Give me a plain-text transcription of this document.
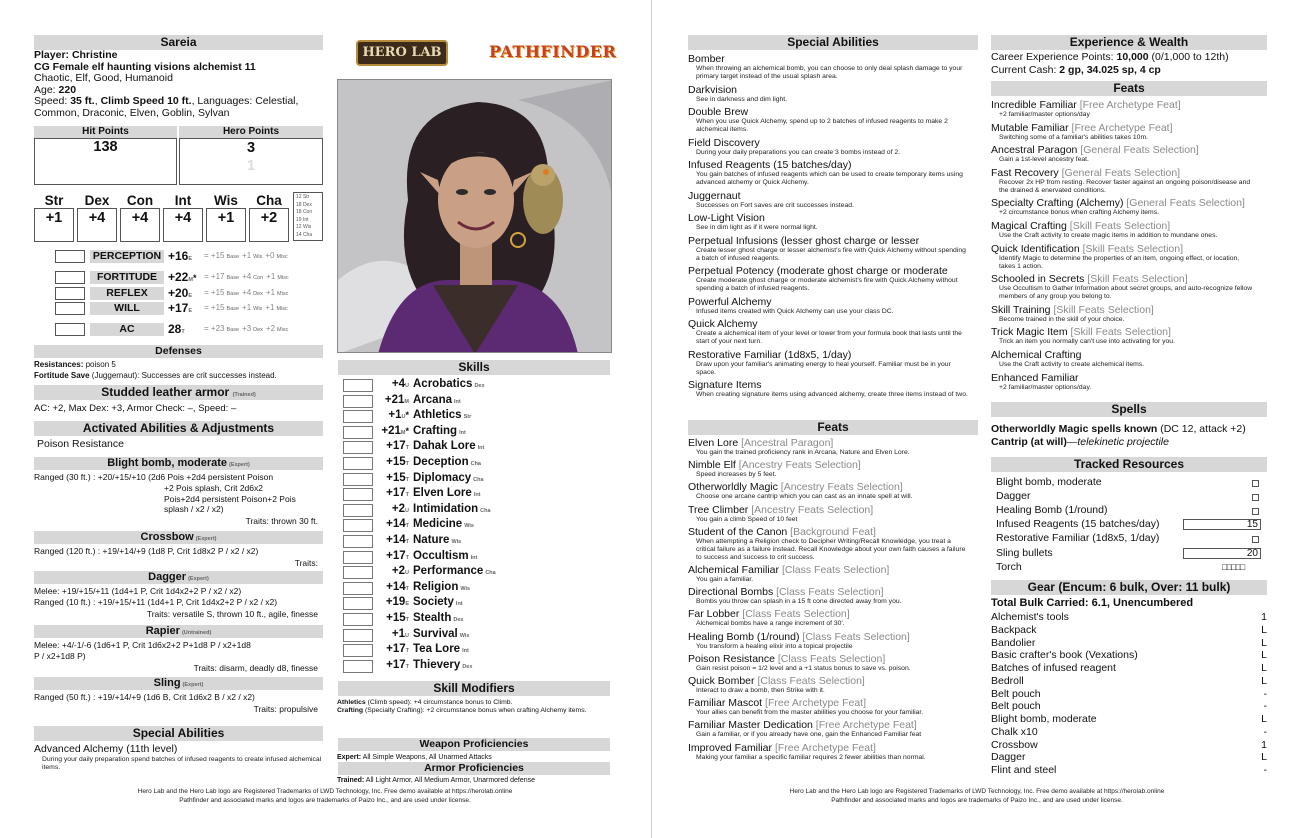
Sareia
Player: Christine
CG Female elf haunting visions alchemist 11
Chaotic, Elf, Good, Humanoid
Age: 220
Speed: 35 ft., Climb Speed 10 ft., Languages: Celestial,
Common, Draconic, Elven, Goblin, Sylvan
HERO LAB	PATHFINDER
Hit Points
138
Hero Points
3
1
Str
+1
Dex
+4
Con
+4
Int
+4
Wis
+1
Cha
+2
12 Str
18 Dex
18 Con
19 Int
12 Wis
14 Cha
PERCEPTION +16E = +15 Base +1 Wis +0 Misc
FORTITUDE +22M* = +17 Base +4 Con +1 Misc
REFLEX	+20E = +15 Base +4 Dex +1 Misc
WILL	+17E = +15 Base +1 Wis +1 Misc
AC	28T = +23 Base +3 Dex +2 Misc
Defenses
Resistances: poison 5
Fortitude Save (Juggernaut): Successes are crit successes instead.
Studded leather armor (Trained)
AC: +2, Max Dex: +3, Armor Check: –, Speed: –
Activated Abilities & Adjustments
Poison Resistance
Blight bomb, moderate (Expert)
Ranged (30 ft.) : +20/+15/+10 (2d6 Pois +2d4 persistent Poison
+2 Pois splash, Crit 2d6x2
Pois+2d4 persistent Poison+2 Pois
splash / x2 / x2)
Traits: thrown 30 ft.
Crossbow (Expert)
Ranged (120 ft.) : +19/+14/+9 (1d8 P, Crit 1d8x2 P / x2 / x2)
Traits:
Dagger (Expert)
Melee: +19/+15/+11 (1d4+1 P, Crit 1d4x2+2 P / x2 / x2)
Ranged (10 ft.) : +19/+15/+11 (1d4+1 P, Crit 1d4x2+2 P / x2 / x2)
Traits: versatile S, thrown 10 ft., agile, finesse
Rapier (Untrained)
Melee: +4/-1/-6 (1d6+1 P, Crit 1d6x2+2 P+1d8 P / x2+1d8
P / x2+1d8 P)
Traits: disarm, deadly d8, finesse
Sling (Expert)
Ranged (50 ft.) : +19/+14/+9 (1d6 B, Crit 1d6x2 B / x2 / x2)
Traits: propulsive
Special Abilities
Advanced Alchemy (11th level)
During your daily preparation spend batches of infused reagents to create infused alchemical items.
Skills
+4U Acrobatics Dex
+21M Arcana Int
+1U* Athletics Str
+21M* Crafting Int
+17T Dahak Lore Int
+15T Deception Cha
+15T Diplomacy Cha
+17T Elven Lore Int
+2U Intimidation Cha
+14T Medicine Wis
+14T Nature Wis
+17T Occultism Int
+2U Performance Cha
+14T Religion Wis
+19E Society Int
+15T Stealth Dex
+1U Survival Wis
+17T Tea Lore Int
+17T Thievery Dex
Skill Modifiers
Athletics (Climb speed): +4 circumstance bonus to Climb.
Crafting (Specialty Crafting): +2 circumstance bonus when crafting Alchemy items.
Weapon Proficiencies
Expert: All Simple Weapons, All Unarmed Attacks
Armor Proficiencies
Trained: All Light Armor, All Medium Armor, Unarmored defense
Hero Lab and the Hero Lab logo are Registered Trademarks of LWD Technology, Inc. Free demo available at https://herolab.online
Pathfinder and associated marks and logos are trademarks of Paizo Inc., and are used under license.
Hero Lab and the Hero Lab logo are Registered Trademarks of LWD Technology, Inc. Free demo available at https://herolab.online
Pathfinder and associated marks and logos are trademarks of Paizo Inc., and are used under license.
Special Abilities
Bomber
When throwing an alchemical bomb, you can choose to only deal splash damage to your primary target instead of the usual splash area.
Darkvision
See in darkness and dim light.
Double Brew
When you use Quick Alchemy, spend up to 2 batches of infused reagents to make 2 alchemical items.
Field Discovery
During your daily preparations you can create 3 bombs instead of 2.
Infused Reagents (15 batches/day)
You gain batches of infused reagents which can be used to create temporary items using advanced alchemy or Quick Alchemy.
Juggernaut
Successes on Fort saves are crit successes instead.
Low-Light Vision
See in dim light as if it were normal light.
Perpetual Infusions (lesser ghost charge or lesser
Create lesser ghost charge or lesser alchemist's fire with Quick Alchemy without spending a batch of infused reagents.
Perpetual Potency (moderate ghost charge or moderate
Create moderate ghost charge or moderate alchemist's fire with Quick Alchemy without spending a batch of infused reagents.
Powerful Alchemy
Infused items created with Quick Alchemy can use your class DC.
Quick Alchemy
Create a alchemical item of your level or lower from your formula book that lasts until the start of your next turn.
Restorative Familiar (1d8x5, 1/day)
Draw upon your familiar's animating energy to heal yourself. Familiar must be in your space.
Signature Items
When creating signature items using advanced alchemy, create three items instead of two.
Feats
Elven Lore [Ancestral Paragon]
You gain the trained proficiency rank in Arcana, Nature and Elven Lore.
Nimble Elf [Ancestry Feats Selection]
Speed increases by 5 feet.
Otherworldly Magic [Ancestry Feats Selection]
Choose one arcane cantrip which you can cast as an innate spell at will.
Tree Climber [Ancestry Feats Selection]
You gain a climb Speed of 10 feet
Student of the Canon [Background Feat]
When attempting a Religion check to Decipher Writing/Recall Knowledge, you treat a critical failure as a failure instead. Recall Knowledge about your own faith causes a failure to success and success to crit success.
Alchemical Familiar [Class Feats Selection]
You gain a familiar.
Directional Bombs [Class Feats Selection]
Bombs you throw can splash in a 15 ft cone directed away from you.
Far Lobber [Class Feats Selection]
Alchemical bombs have a range increment of 30'.
Healing Bomb (1/round) [Class Feats Selection]
You transform a healing elixir into a topical projectile
Poison Resistance [Class Feats Selection]
Gain resist poison = 1/2 level and a +1 status bonus to save vs. poison.
Quick Bomber [Class Feats Selection]
Interact to draw a bomb, then Strike with it.
Familiar Mascot [Free Archetype Feat]
Your allies can benefit from the master abilities you choose for your familiar.
Familiar Master Dedication [Free Archetype Feat]
Gain a familiar, or if you already have one, gain the Enhanced Familiar feat
Improved Familiar [Free Archetype Feat]
Making your familiar a specific familiar requires 2 fewer abilities than normal.
Experience & Wealth
Career Experience Points: 10,000 (0/1,000 to 12th)
Current Cash: 2 gp, 34.025 sp, 4 cp
Feats
Incredible Familiar [Free Archetype Feat]
+2 familiar/master options/day
Mutable Familiar [Free Archetype Feat]
Switching some of a familiar's abilities takes 10m.
Ancestral Paragon [General Feats Selection]
Gain a 1st-level ancestry feat.
Fast Recovery [General Feats Selection]
Recover 2x HP from resting. Recover faster against an ongoing poison/disease and the drained & enervated conditions.
Specialty Crafting (Alchemy) [General Feats Selection]
+2 circumstance bonus when crafting Alchemy items.
Magical Crafting [Skill Feats Selection]
Use the Craft activity to create magic items in addition to mundane ones.
Quick Identification [Skill Feats Selection]
Identify Magic to determine the properties of an item, ongoing effect, or location, takes 1 action.
Schooled in Secrets [Skill Feats Selection]
Use Occultism to Gather Information about secret groups, and auto-recognize fellow members of any group you belong to.
Skill Training [Skill Feats Selection]
Become trained in the skill of your choice.
Trick Magic Item [Skill Feats Selection]
Trick an item you normally can't use into activating for you.
Alchemical Crafting
Use the Craft activity to create alchemical items.
Enhanced Familiar
+2 familiar/master options/day.
Spells
Otherworldly Magic spells known (DC 12, attack +2)
Cantrip (at will)—telekinetic projectile
Tracked Resources
Blight bomb, moderate
Dagger
Healing Bomb (1/round)
Infused Reagents (15 batches/day)	15
Restorative Familiar (1d8x5, 1/day)
Sling bullets	20
Torch	□□□□□
Gear (Encum: 6 bulk, Over: 11 bulk)
Total Bulk Carried: 6.1, Unencumbered
Alchemist's tools	1
Backpack	L
Bandolier	L
Basic crafter's book (Vexations)	L
Batches of infused reagent	L
Bedroll	L
Belt pouch	-
Belt pouch	-
Blight bomb, moderate	L
Chalk x10	-
Crossbow	1
Dagger	L
Flint and steel	-
